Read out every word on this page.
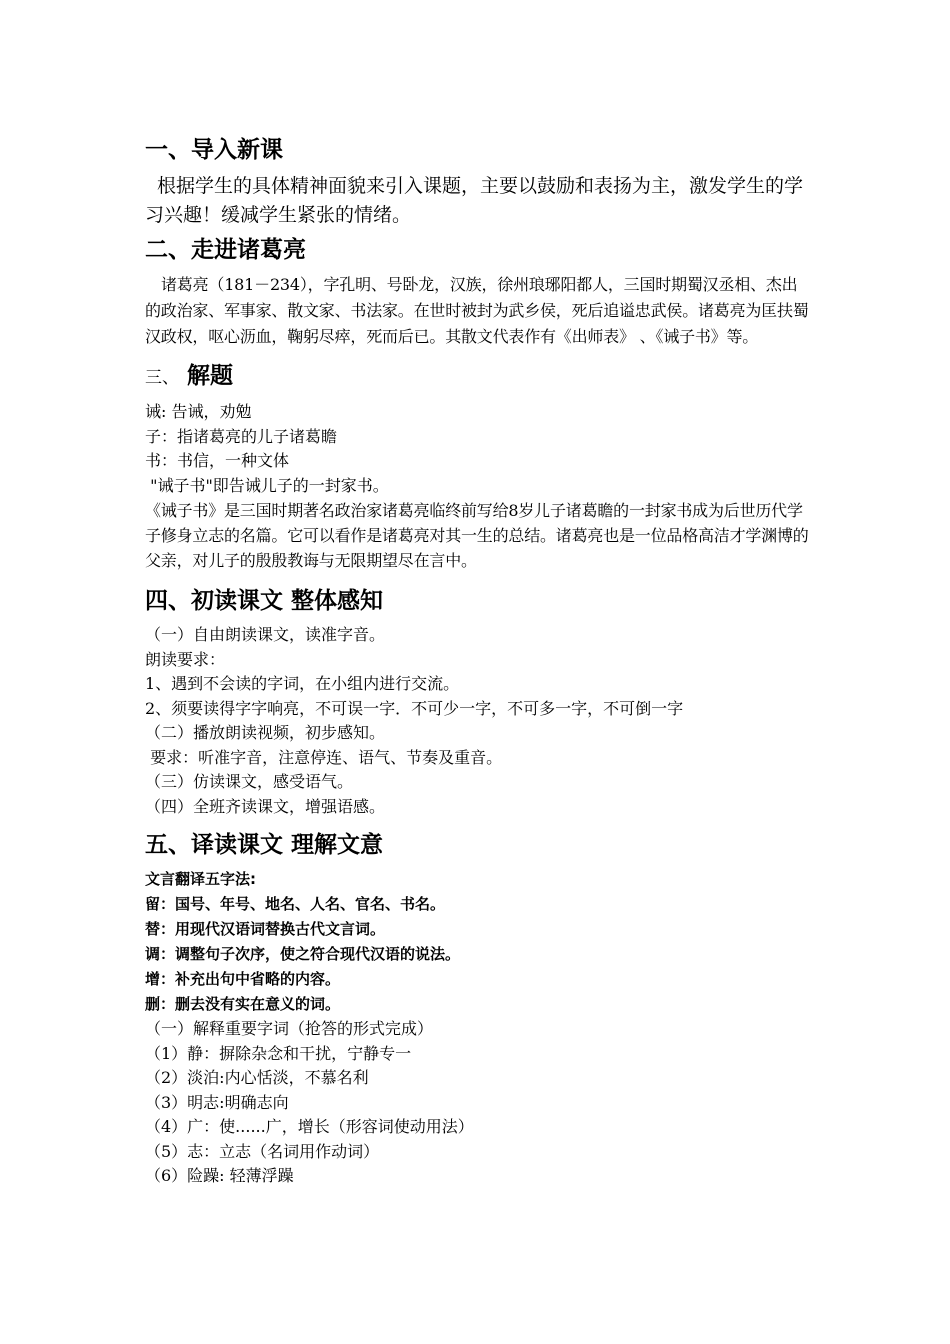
一、导入新课

根据学生的具体精神面貌来引入课题，主要以鼓励和表扬为主，激发学生的学习兴趣！缓减学生紧张的情绪。

二、走进诸葛亮

诸葛亮（181－234），字孔明、号卧龙，汉族，徐州琅琊阳都人，三国时期蜀汉丞相、杰出的政治家、军事家、散文家、书法家。在世时被封为武乡侯，死后追谥忠武侯。诸葛亮为匡扶蜀汉政权，呕心沥血，鞠躬尽瘁，死而后已。其散文代表作有《出师表》 、《诫子书》等。

三、 解题
诫: 告诫，劝勉
子：指诸葛亮的儿子诸葛瞻
书：书信，一种文体
"诫子书"即告诫儿子的一封家书。

《诫子书》是三国时期著名政治家诸葛亮临终前写给8岁儿子诸葛瞻的一封家书成为后世历代学子修身立志的名篇。它可以看作是诸葛亮对其一生的总结。诸葛亮也是一位品格高洁才学渊博的父亲，对儿子的殷殷教诲与无限期望尽在言中。

四、初读课文 整体感知
（一）自由朗读课文，读准字音。
朗读要求：
1、遇到不会读的字词，在小组内进行交流。
2、须要读得字字响亮，不可误一字．不可少一字，不可多一字，不可倒一字
（二）播放朗读视频，初步感知。
要求：听准字音，注意停连、语气、节奏及重音。
（三）仿读课文，感受语气。
（四）全班齐读课文，增强语感。
五、译读课文 理解文意
文言翻译五字法:
留：国号、年号、地名、人名、官名、书名。
替：用现代汉语词替换古代文言词。
调：调整句子次序，使之符合现代汉语的说法。
增：补充出句中省略的内容。
删：删去没有实在意义的词。
（一）解释重要字词（抢答的形式完成）
（1）静：摒除杂念和干扰，宁静专一
（2）淡泊:内心恬淡，不慕名利
（3）明志:明确志向
（4）广：使......广，增长（形容词使动用法）
（5）志：立志（名词用作动词）
（6）险躁: 轻薄浮躁
